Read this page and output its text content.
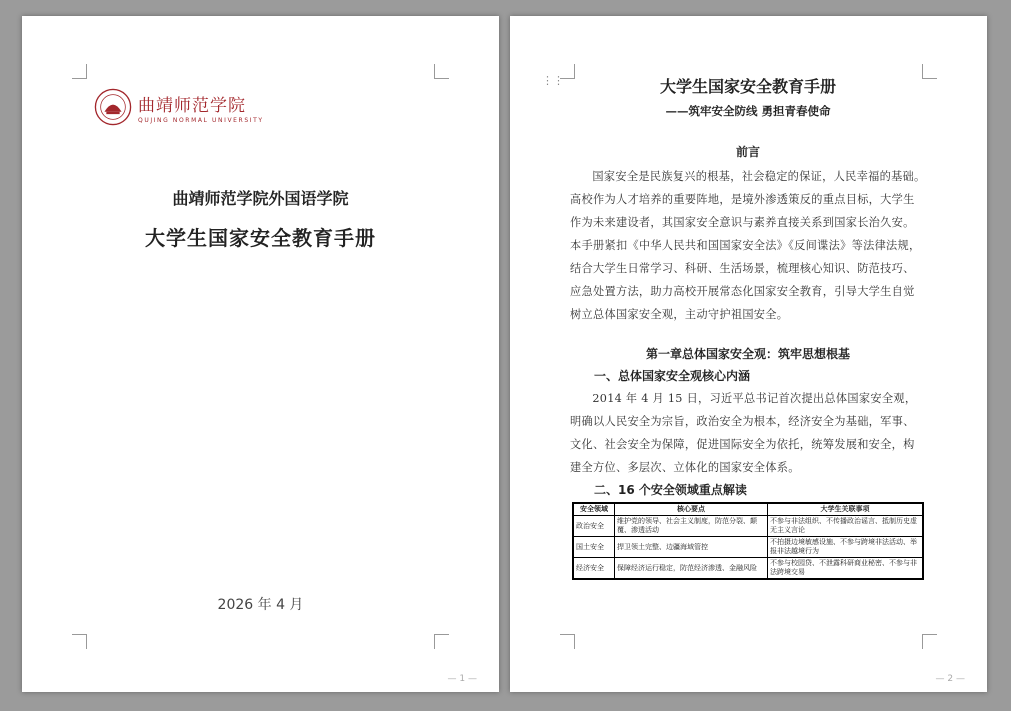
曲靖师范学院
QUJING NORMAL UNIVERSITY
曲靖师范学院外国语学院
大学生国家安全教育手册
2026 年 4 月
— 1 —
⋮⋮	大学生国家安全教育手册

——筑牢安全防线 勇担青春使命

前言

国家安全是民族复兴的根基，社会稳定的保证，人民幸福的基础。高校作为人才培养的重要阵地，是境外渗透策反的重点目标，大学生作为未来建设者，其国家安全意识与素养直接关系到国家长治久安。本手册紧扣《中华人民共和国国家安全法》《反间谍法》等法律法规，结合大学生日常学习、科研、生活场景，梳理核心知识、防范技巧、应急处置方法，助力高校开展常态化国家安全教育，引导大学生自觉树立总体国家安全观，主动守护祖国安全。

第一章总体国家安全观：筑牢思想根基

一、总体国家安全观核心内涵

2014 年 4 月 15 日，习近平总书记首次提出总体国家安全观，明确以人民安全为宗旨，政治安全为根本，经济安全为基础，军事、文化、社会安全为保障，促进国际安全为依托，统筹发展和安全，构建全方位、多层次、立体化的国家安全体系。

二、16 个安全领域重点解读

安全领域	核心要点	大学生关联事项
政治安全	维护党的领导、社会主义制度，防范分裂、颠覆、渗透活动	不参与非法组织、不传播政治谣言、抵制历史虚无主义言论
国土安全	捍卫领土完整、边疆海域管控	不拍摄边境敏感设施、不参与跨境非法活动、举报非法越境行为
经济安全	保障经济运行稳定，防范经济渗透、金融风险	不参与校园贷、不泄露科研商业秘密、不参与非法跨境交易
— 2 —
